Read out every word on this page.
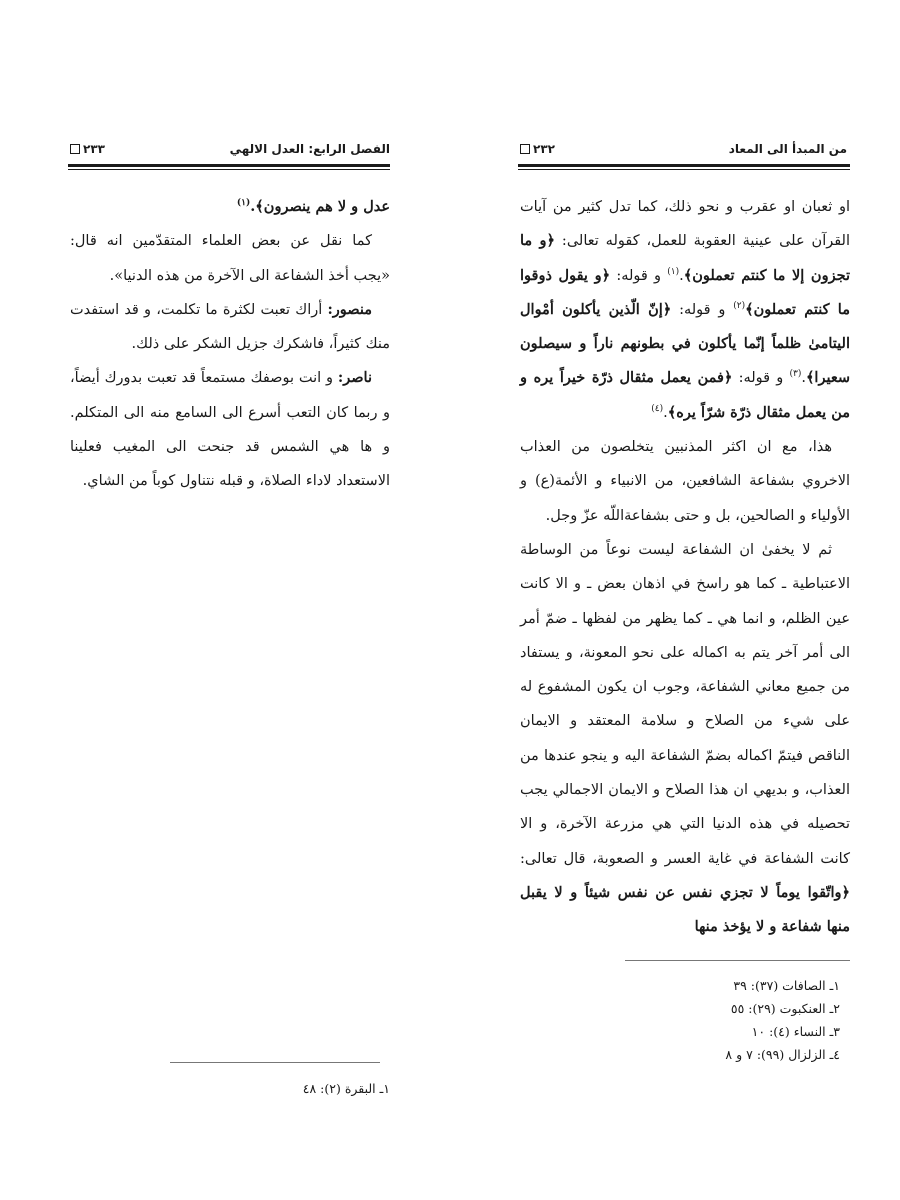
الفصل الرابع: العدل الالهي
٢٣٣

عدل و لا هم ينصرون﴾.$^{(١)}$

كما نقل عن بعض العلماء المتقدّمين انه قال: «يجب أخذ الشفاعة الى الآخرة من هذه الدنيا».

منصور: أراك تعبت لكثرة ما تكلمت، و قد استفدت منك كثيراً، فاشكرك جزيل الشكر على ذلك.

ناصر: و انت بوصفك مستمعاً قد تعبت بدورك أيضاً، و ربما كان التعب أسرع الى السامع منه الى المتكلم. و ها هي الشمس قد جنحت الى المغيب فعلينا الاستعداد لاداء الصلاة، و قبله نتناول كوباً من الشاي.

١ـ البقرة (٢): ٤٨
من المبدأ الى المعاد
٢٣٢

او ثعبان او عقرب و نحو ذلك، كما تدل كثير من آيات القرآن على عينية العقوبة للعمل، كقوله تعالى: ﴿و ما تجزون إلا ما كنتم تعملون﴾.$^{(١)}$ و قوله: ﴿و يقول ذوقوا ما كنتم تعملون﴾$^{(٢)}$ و قوله: ﴿إنّ الّذين يأكلون أمْوال اليتامىٰ ظلماً إنّما يأكلون في بطونهم ناراً و سيصلون سعيرا﴾.$^{(٣)}$ و قوله: ﴿فمن يعمل مثقال ذرّة خيراً يره و من يعمل مثقال ذرّة شرّاً يره﴾.$^{(٤)}$

هذا، مع ان اكثر المذنبين يتخلصون من العذاب الاخروي بشفاعة الشافعين، من الانبياء و الأئمة(ع) و الأولياء و الصالحين، بل و حتى بشفاعةاللّه عزّ وجل.

ثم لا يخفىٰ ان الشفاعة ليست نوعاً من الوساطة الاعتباطية ـ كما هو راسخ في اذهان بعض ـ و الا كانت عين الظلم، و انما هي ـ كما يظهر من لفظها ـ ضمّ أمر الى أمر آخر يتم به اكماله على نحو المعونة، و يستفاد من جميع معاني الشفاعة، وجوب ان يكون المشفوع له على شيء من الصلاح و سلامة المعتقد و الايمان الناقص فيتمّ اكماله بضمّ الشفاعة اليه و ينجو عندها من العذاب، و بديهي ان هذا الصلاح و الايمان الاجمالي يجب تحصيله في هذه الدنيا التي هي مزرعة الآخرة، و الا كانت الشفاعة في غاية العسر و الصعوبة، قال تعالى: ﴿واتّقوا يوماً لا تجزي نفس عن نفس شيئاً و لا يقبل منها شفاعة و لا يؤخذ منها

١ـ الصافات (٣٧): ٣٩
٢ـ العنكبوت (٢٩): ٥٥
٣ـ النساء (٤): ١٠
٤ـ الزلزال (٩٩): ٧ و ٨
